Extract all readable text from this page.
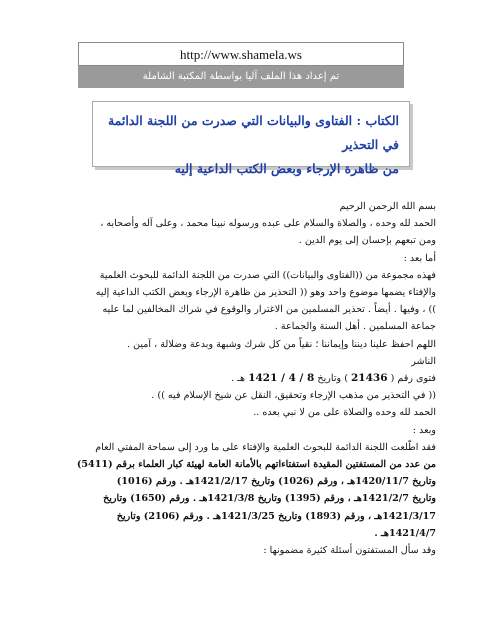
http://www.shamela.ws
تم إعداد هذا الملف آليا بواسطة المكتبة الشاملة
الكتاب : الفتاوى والبيانات التي صدرت من اللجنة الدائمة في التحذير
من ظاهرة الإرجاء وبعض الكتب الداعية إليه

بسم الله الرحمن الرحيم

الحمد لله وحده ، والصلاة والسلام على عبده ورسوله نبينا محمد ، وعلى آله وأصحابه ،

ومن تبعهم بإحسان إلى يوم الدين .

أما بعد :

فهذه مجموعة من ((الفتاوى والبيانات)) التي صدرت من اللجنة الدائمة للبحوث العلمية

والإفتاء يضمها موضوع واحد وهو (( التحذير من ظاهرة الإرجاء وبعض الكتب الداعية إليه

)) ، وفيها . أيضاً . تحذير المسلمين من الاغترار والوقوع في شراك المخالفين لما عليه

جماعة المسلمين . أهل السنة والجماعة .

اللهم احفظ علينا ديننا وإيماننا ؛ نقياً من كل شرك وشبهة وبدعة وضلالة ، آمين .

الناشر

فتوى رقم ( 21436 ) وتاريخ 8 / 4 / 1421 هـ .

(( في التحذير من مذهب الإرجاء وتحقيق، النقل عن شيخ الإسلام فيه )) .

الحمد لله وحده والصلاة على من لا نبي بعده ..

وبعد :

فقد اطّلعت اللجنة الدائمة للبحوث العلمية والإفتاء على ما ورد إلى سماحة المفتي العام

من عدد من المستفتين المقيدة استفتاءاتهم بالأمانة العامة لهيئة كبار العلماء برقم (5411)

وتاريخ 1420/11/7هـ ، ورقم (1026) وتاريخ 1421/2/17هـ . ورقم (1016)

وتاريخ 1421/2/7هـ ، ورقم (1395) وتاريخ 1421/3/8هـ . ورقم (1650) وتاريخ

1421/3/17هـ ، ورقم (1893) وتاريخ 1421/3/25هـ . ورقم (2106) وتاريخ

1421/4/7هـ .

وقد سأل المستفتون أسئلة كثيرة مضمونها :
